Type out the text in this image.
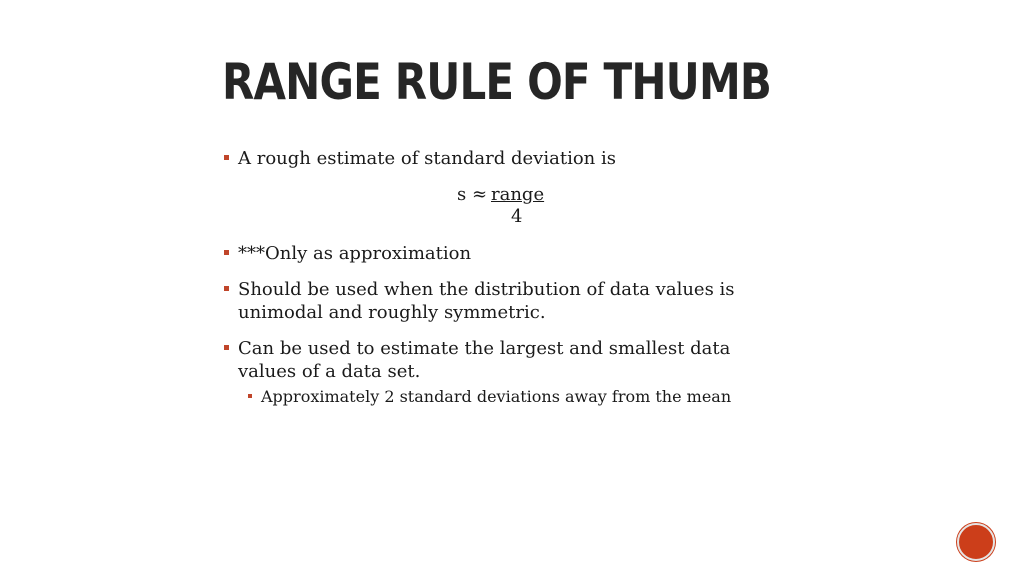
RANGE RULE OF THUMB
A rough estimate of standard deviation is
***Only as approximation
Should be used when the distribution of data values is unimodal and roughly symmetric.
Can be used to estimate the largest and smallest data values of a data set.
Approximately 2 standard deviations away from the mean
s ≈ range
4
